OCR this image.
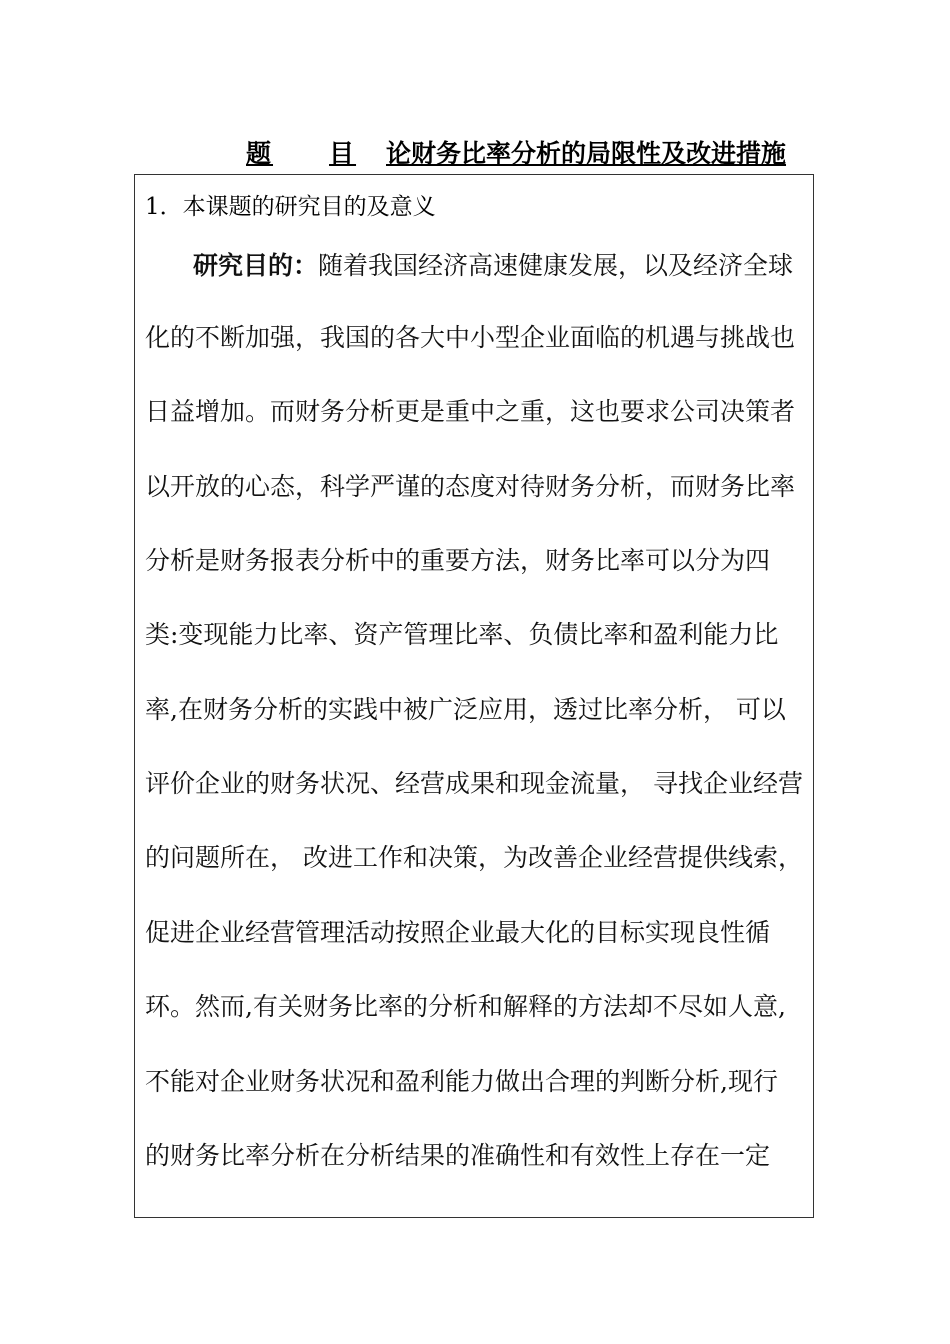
题 目 论财务比率分析的局限性及改进措施
1．本课题的研究目的及意义
研究目的：随着我国经济高速健康发展，以及经济全球
化的不断加强，我国的各大中小型企业面临的机遇与挑战也
日益增加。而财务分析更是重中之重，这也要求公司决策者
以开放的心态，科学严谨的态度对待财务分析，而财务比率
分析是财务报表分析中的重要方法，财务比率可以分为四
类:变现能力比率、资产管理比率、负债比率和盈利能力比
率,在财务分析的实践中被广泛应用，透过比率分析， 可以
评价企业的财务状况、经营成果和现金流量， 寻找企业经营
的问题所在， 改进工作和决策，为改善企业经营提供线索，
促进企业经营管理活动按照企业最大化的目标实现良性循
环。然而,有关财务比率的分析和解释的方法却不尽如人意,
不能对企业财务状况和盈利能力做出合理的判断分析,现行
的财务比率分析在分析结果的准确性和有效性上存在一定
